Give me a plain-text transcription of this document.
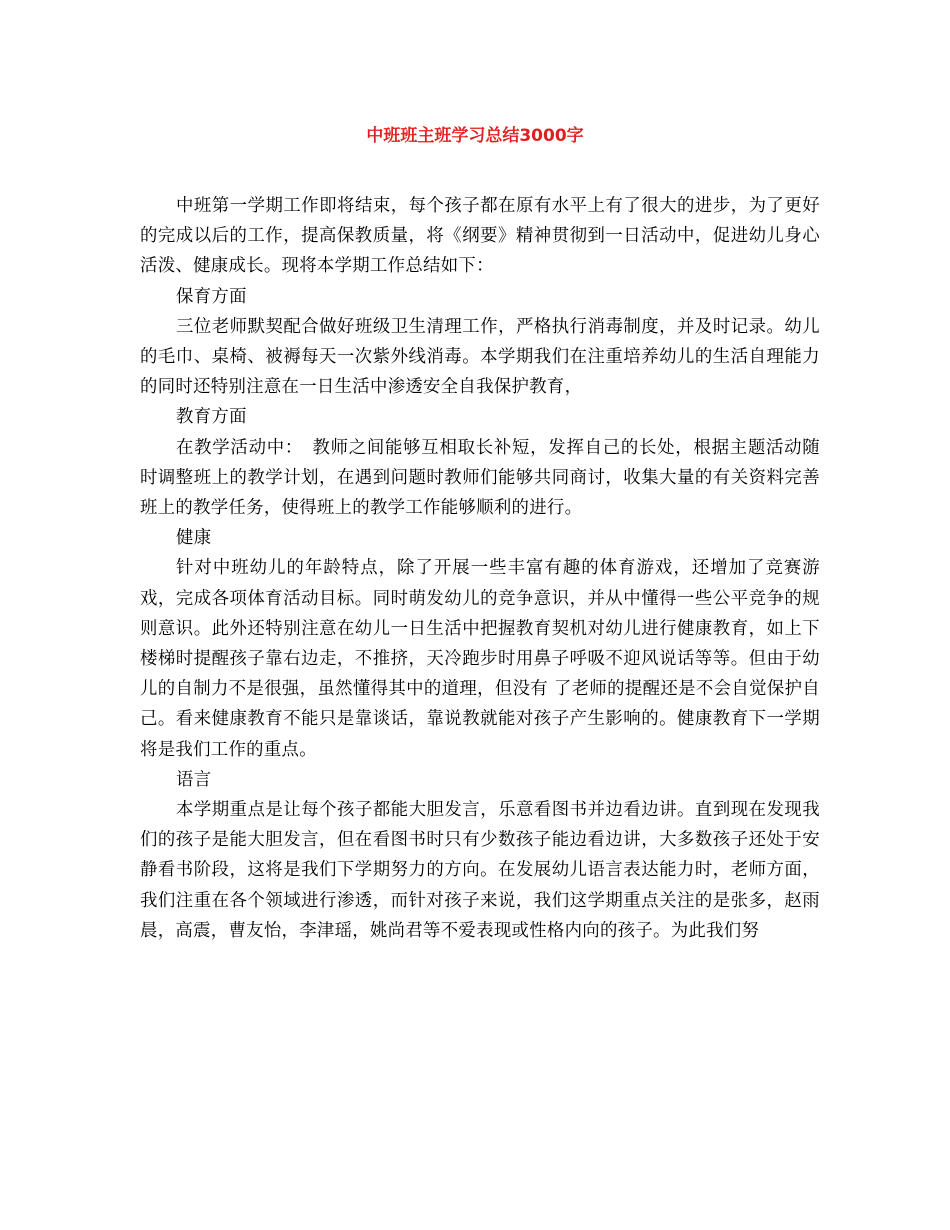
中班班主班学习总结3000字

中班第一学期工作即将结束，每个孩子都在原有水平上有了很大的进步，为了更好的完成以后的工作，提高保教质量，将《纲要》精神贯彻到一日活动中，促进幼儿身心活泼、健康成长。现将本学期工作总结如下：

保育方面

三位老师默契配合做好班级卫生清理工作，严格执行消毒制度，并及时记录。幼儿的毛巾、桌椅、被褥每天一次紫外线消毒。本学期我们在注重培养幼儿的生活自理能力的同时还特别注意在一日生活中渗透安全自我保护教育，

教育方面

在教学活动中：　教师之间能够互相取长补短，发挥自己的长处，根据主题活动随时调整班上的教学计划，在遇到问题时教师们能够共同商讨，收集大量的有关资料完善班上的教学任务，使得班上的教学工作能够顺利的进行。

健康

针对中班幼儿的年龄特点，除了开展一些丰富有趣的体育游戏，还增加了竞赛游戏，完成各项体育活动目标。同时萌发幼儿的竞争意识，并从中懂得一些公平竞争的规则意识。此外还特别注意在幼儿一日生活中把握教育契机对幼儿进行健康教育，如上下楼梯时提醒孩子靠右边走，不推挤，天冷跑步时用鼻子呼吸不迎风说话等等。但由于幼儿的自制力不是很强，虽然懂得其中的道理，但没有 了老师的提醒还是不会自觉保护自己。看来健康教育不能只是靠谈话，靠说教就能对孩子产生影响的。健康教育下一学期将是我们工作的重点。

语言

本学期重点是让每个孩子都能大胆发言，乐意看图书并边看边讲。直到现在发现我们的孩子是能大胆发言，但在看图书时只有少数孩子能边看边讲，大多数孩子还处于安静看书阶段，这将是我们下学期努力的方向。在发展幼儿语言表达能力时，老师方面，我们注重在各个领域进行渗透，而针对孩子来说，我们这学期重点关注的是张多，赵雨晨，高震，曹友怡，李津瑶，姚尚君等不爱表现或性格内向的孩子。为此我们努
